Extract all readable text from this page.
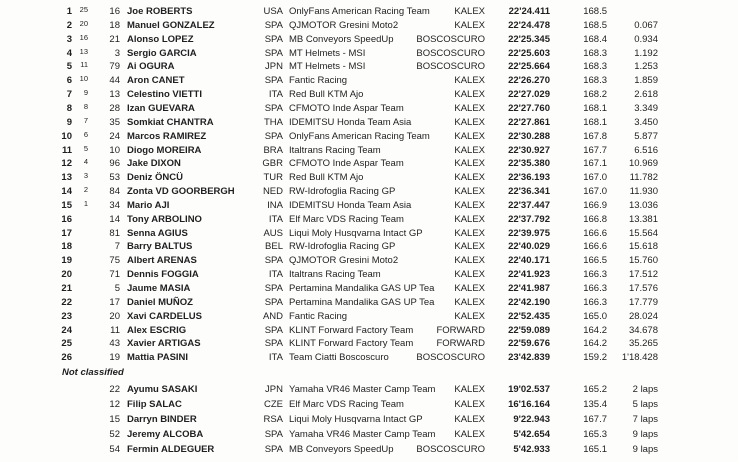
1	25	16 Joe ROBERTS	USA OnlyFans American Racing Team	KALEX	22'24.411	168.5
2	20	18 Manuel GONZALEZ	SPA QJMOTOR Gresini Moto2	KALEX	22'24.478	168.5	0.067
3	16	21 Alonso LOPEZ	SPA MB Conveyors SpeedUp	BOSCOSCURO	22'25.345	168.4	0.934
4	13	3 Sergio GARCIA	SPA MT Helmets - MSI	BOSCOSCURO	22'25.603	168.3	1.192
5	11	79 Ai OGURA	JPN MT Helmets - MSI	BOSCOSCURO	22'25.664	168.3	1.253
6	10	44 Aron CANET	SPA Fantic Racing	KALEX	22'26.270	168.3	1.859
7	9	13 Celestino VIETTI	ITA Red Bull KTM Ajo	KALEX	22'27.029	168.2	2.618
8	8	28 Izan GUEVARA	SPA CFMOTO Inde Aspar Team	KALEX	22'27.760	168.1	3.349
9	7	35 Somkiat CHANTRA	THA IDEMITSU Honda Team Asia	KALEX	22'27.861	168.1	3.450
10	6	24 Marcos RAMIREZ	SPA OnlyFans American Racing Team	KALEX	22'30.288	167.8	5.877
11	5	10 Diogo MOREIRA	BRA Italtrans Racing Team	KALEX	22'30.927	167.7	6.516
12	4	96 Jake DIXON	GBR CFMOTO Inde Aspar Team	KALEX	22'35.380	167.1	10.969
13	3	53 Deniz ÖNCÜ	TUR Red Bull KTM Ajo	KALEX	22'36.193	167.0	11.782
14	2	84 Zonta VD GOORBERGH	NED RW-Idrofoglia Racing GP	KALEX	22'36.341	167.0	11.930
15	1	34 Mario AJI	INA IDEMITSU Honda Team Asia	KALEX	22'37.447	166.9	13.036
16	14 Tony ARBOLINO	ITA Elf Marc VDS Racing Team	KALEX	22'37.792	166.8	13.381
17	81 Senna AGIUS	AUS Liqui Moly Husqvarna Intact GP	KALEX	22'39.975	166.6	15.564
18	7 Barry BALTUS	BEL RW-Idrofoglia Racing GP	KALEX	22'40.029	166.6	15.618
19	75 Albert ARENAS	SPA QJMOTOR Gresini Moto2	KALEX	22'40.171	166.5	15.760
20	71 Dennis FOGGIA	ITA Italtrans Racing Team	KALEX	22'41.923	166.3	17.512
21	5 Jaume MASIA	SPA Pertamina Mandalika GAS UP Tea	KALEX	22'41.987	166.3	17.576
22	17 Daniel MUÑOZ	SPA Pertamina Mandalika GAS UP Tea	KALEX	22'42.190	166.3	17.779
23	20 Xavi CARDELUS	AND Fantic Racing	KALEX	22'52.435	165.0	28.024
24	11 Alex ESCRIG	SPA KLINT Forward Factory Team	FORWARD	22'59.089	164.2	34.678
25	43 Xavier ARTIGAS	SPA KLINT Forward Factory Team	FORWARD	22'59.676	164.2	35.265
26	19 Mattia PASINI	ITA Team Ciatti Boscoscuro	BOSCOSCURO	23'42.839	159.2	1'18.428
Not classified
22 Ayumu SASAKI	JPN Yamaha VR46 Master Camp Team	KALEX	19'02.537	165.2	2 laps
12 Filip SALAC	CZE Elf Marc VDS Racing Team	KALEX	16'16.164	135.4	5 laps
15 Darryn BINDER	RSA Liqui Moly Husqvarna Intact GP	KALEX	9'22.943	167.7	7 laps
52 Jeremy ALCOBA	SPA Yamaha VR46 Master Camp Team	KALEX	5'42.654	165.3	9 laps
54 Fermin ALDEGUER	SPA MB Conveyors SpeedUp	BOSCOSCURO	5'42.933	165.1	9 laps
